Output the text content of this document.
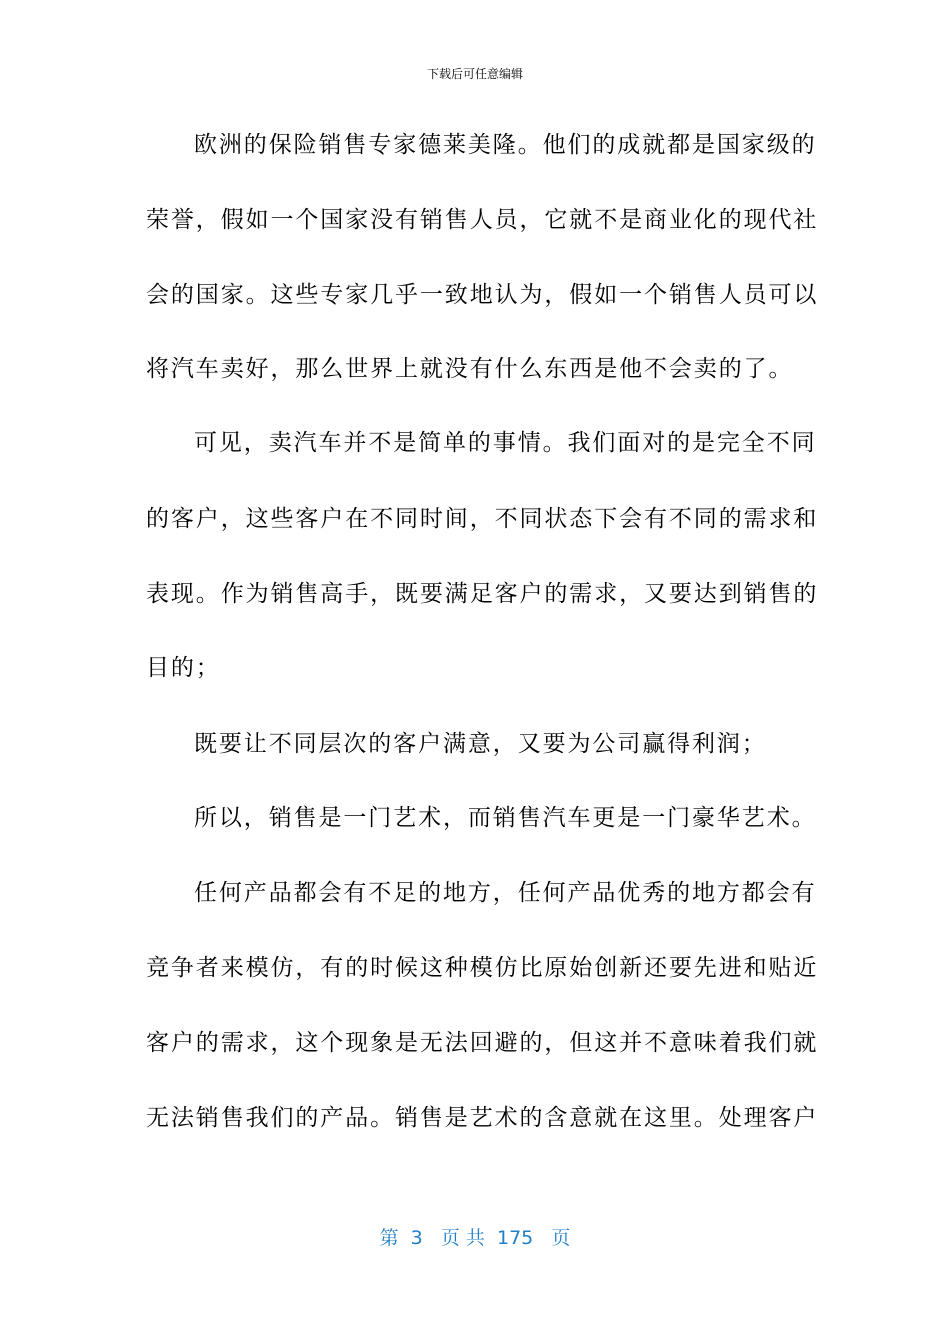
下载后可任意编辑
欧洲的保险销售专家德莱美隆。他们的成就都是国家级的
荣誉，假如一个国家没有销售人员，它就不是商业化的现代社
会的国家。这些专家几乎一致地认为，假如一个销售人员可以
将汽车卖好，那么世界上就没有什么东西是他不会卖的了。
可见，卖汽车并不是简单的事情。我们面对的是完全不同
的客户，这些客户在不同时间，不同状态下会有不同的需求和
表现。作为销售高手，既要满足客户的需求，又要达到销售的
目的；
既要让不同层次的客户满意，又要为公司赢得利润；
所以，销售是一门艺术，而销售汽车更是一门豪华艺术。
任何产品都会有不足的地方，任何产品优秀的地方都会有
竞争者来模仿，有的时候这种模仿比原始创新还要先进和贴近
客户的需求，这个现象是无法回避的，但这并不意味着我们就
无法销售我们的产品。销售是艺术的含意就在这里。处理客户
第  3   页 共  175   页
